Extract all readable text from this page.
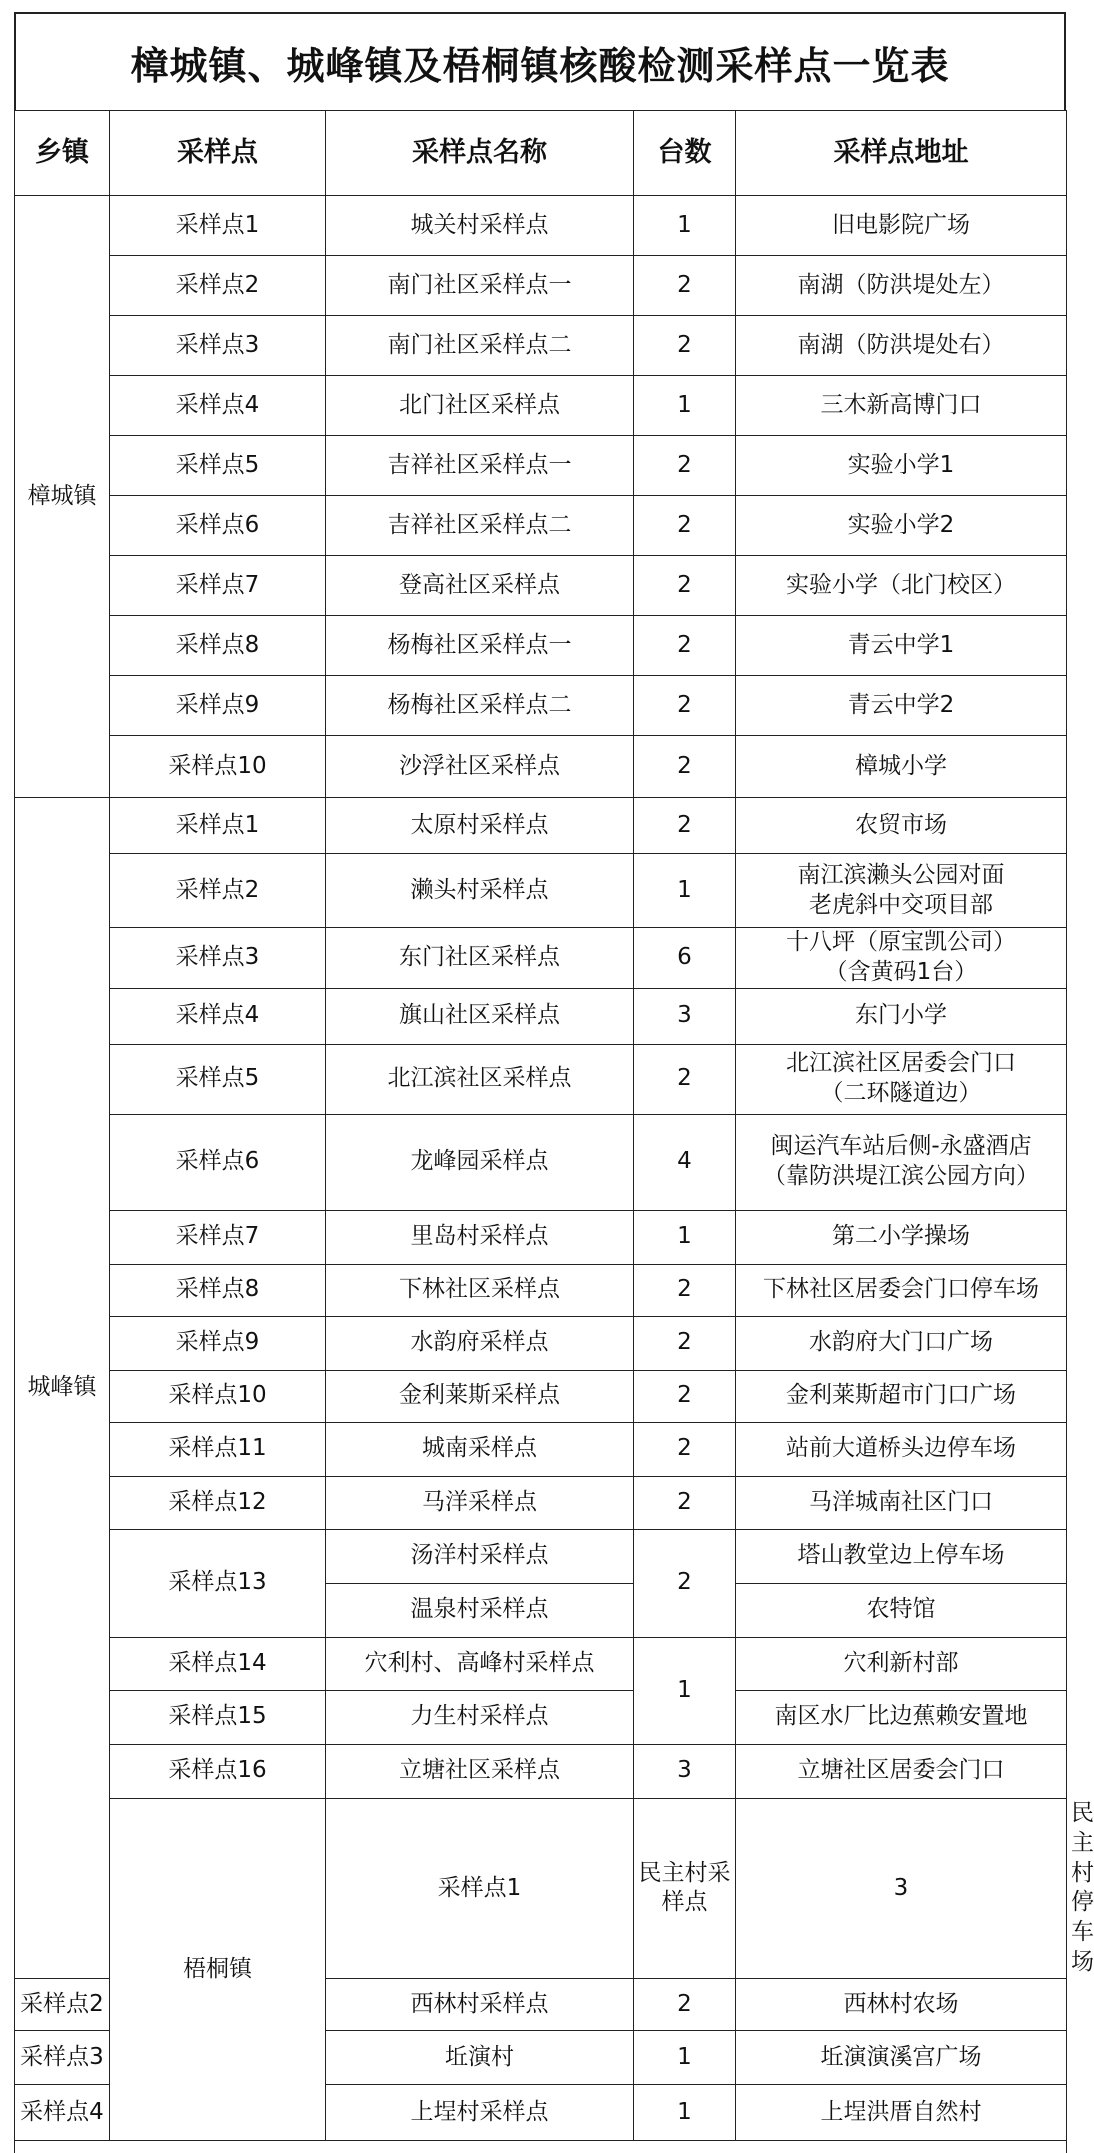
樟城镇、城峰镇及梧桐镇核酸检测采样点一览表
乡镇	采样点	采样点名称	台数	采样点地址	
樟城镇	采样点1	城关村采样点	1	旧电影院广场	
	采样点2	南门社区采样点一	2	南湖（防洪堤处左）	
	采样点3	南门社区采样点二	2	南湖（防洪堤处右）	
	采样点4	北门社区采样点	1	三木新高博门口	
	采样点5	吉祥社区采样点一	2	实验小学1	
	采样点6	吉祥社区采样点二	2	实验小学2	
	采样点7	登高社区采样点	2	实验小学（北门校区）	
	采样点8	杨梅社区采样点一	2	青云中学1	
	采样点9	杨梅社区采样点二	2	青云中学2	
	采样点10	沙浮社区采样点	2	樟城小学	
城峰镇	采样点1	太原村采样点	2	农贸市场	
	采样点2	濑头村采样点	1	南江滨濑头公园对面
老虎斜中交项目部	
	采样点3	东门社区采样点	6	十八坪（原宝凯公司）
（含黄码1台）	
	采样点4	旗山社区采样点	3	东门小学	
	采样点5	北江滨社区采样点	2	北江滨社区居委会门口
（二环隧道边）	
	采样点6	龙峰园采样点	4	闽运汽车站后侧-永盛酒店
（靠防洪堤江滨公园方向）	
	采样点7	里岛村采样点	1	第二小学操场	
	采样点8	下林社区采样点	2	下林社区居委会门口停车场	
	采样点9	水韵府采样点	2	水韵府大门口广场	
	采样点10	金利莱斯采样点	2	金利莱斯超市门口广场	
	采样点11	城南采样点	2	站前大道桥头边停车场	
	采样点12	马洋采样点	2	马洋城南社区门口	
	采样点13	汤洋村采样点	2	塔山教堂边上停车场	
		温泉村采样点		农特馆	
	采样点14	穴利村、高峰村采样点	1	穴利新村部	
	采样点15	力生村采样点		南区水厂比边蕉赖安置地	
	采样点16	立塘社区采样点	3	立塘社区居委会门口	
	梧桐镇	采样点1	民主村采样点	3	民主村停车场
采样点2		西林村采样点	2	西林村农场	
采样点3		坵演村	1	坵演演溪宫广场	
采样点4		上埕村采样点	1	上埕洪厝自然村	
